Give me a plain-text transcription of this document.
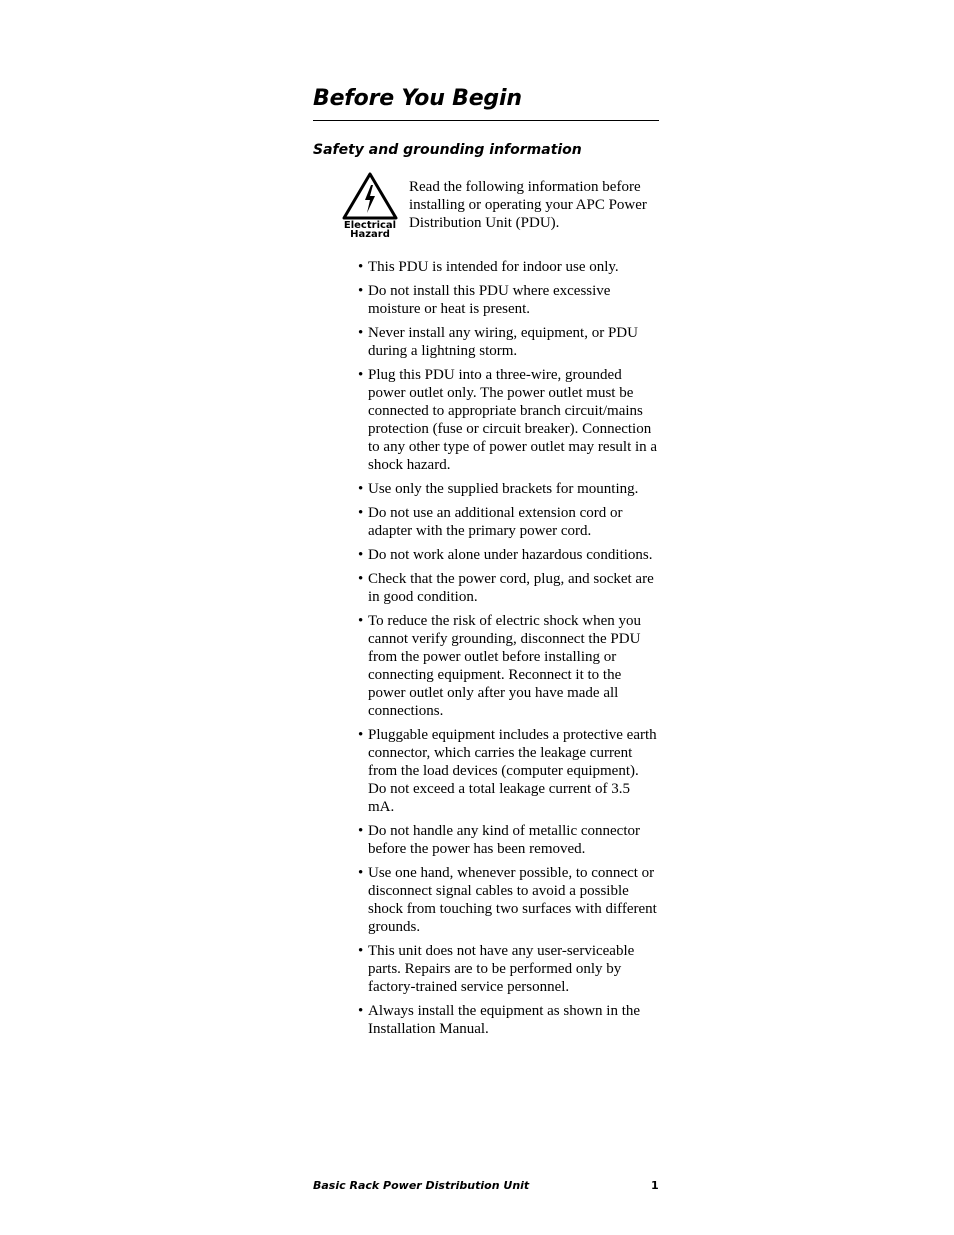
Before You Begin
Safety and grounding information
Electrical
Hazard
Read the following information before installing or operating your APC Power Distribution Unit (PDU).
• This PDU is intended for indoor use only.
• Do not install this PDU where excessive moisture or heat is present.
• Never install any wiring, equipment, or PDU during a lightning storm.
• Plug this PDU into a three-wire, grounded power outlet only. The power outlet must be connected to appropriate branch circuit/mains protection (fuse or circuit breaker). Connection to any other type of power outlet may result in a shock hazard.
• Use only the supplied brackets for mounting.
• Do not use an additional extension cord or adapter with the primary power cord.
• Do not work alone under hazardous conditions.
• Check that the power cord, plug, and socket are in good condition.
• To reduce the risk of electric shock when you cannot verify grounding, disconnect the PDU from the power outlet before installing or connecting equipment. Reconnect it to the power outlet only after you have made all connections.
• Pluggable equipment includes a protective earth connector, which carries the leakage current from the load devices (computer equipment). Do not exceed a total leakage current of 3.5 mA.
• Do not handle any kind of metallic connector before the power has been removed.
• Use one hand, whenever possible, to connect or disconnect signal cables to avoid a possible shock from touching two surfaces with different grounds.
• This unit does not have any user-serviceable parts. Repairs are to be performed only by factory-trained service personnel.
• Always install the equipment as shown in the Installation Manual.
Basic Rack Power Distribution Unit	1
